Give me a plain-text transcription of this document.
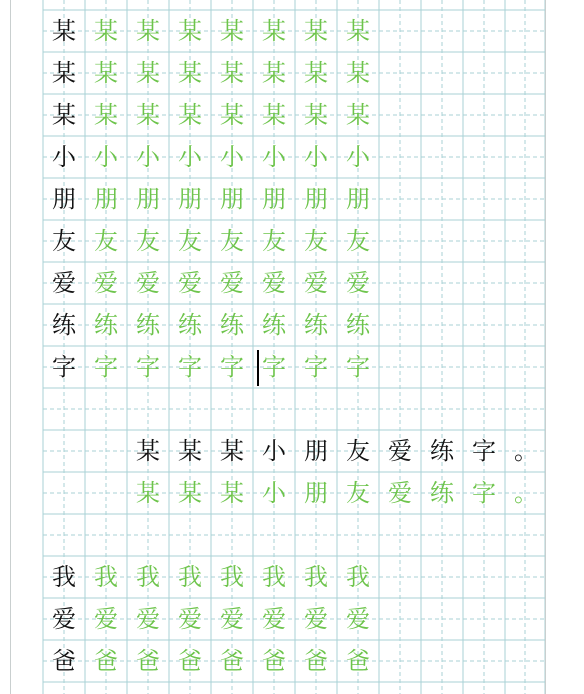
某 某 某 某 某 某 某 某
某 某 某 某 某 某 某 某
某 某 某 某 某 某 某 某
小 小 小 小 小 小 小 小
朋 朋 朋 朋 朋 朋 朋 朋
友 友 友 友 友 友 友 友
爱 爱 爱 爱 爱 爱 爱 爱
练 练 练 练 练 练 练 练
字 字 字 字 字 字 字 字
某 某 某 小 朋 友 爱 练 字 。
某 某 某 小 朋 友 爱 练 字 。
我 我 我 我 我 我 我 我
爱 爱 爱 爱 爱 爱 爱 爱
爸 爸 爸 爸 爸 爸 爸 爸
